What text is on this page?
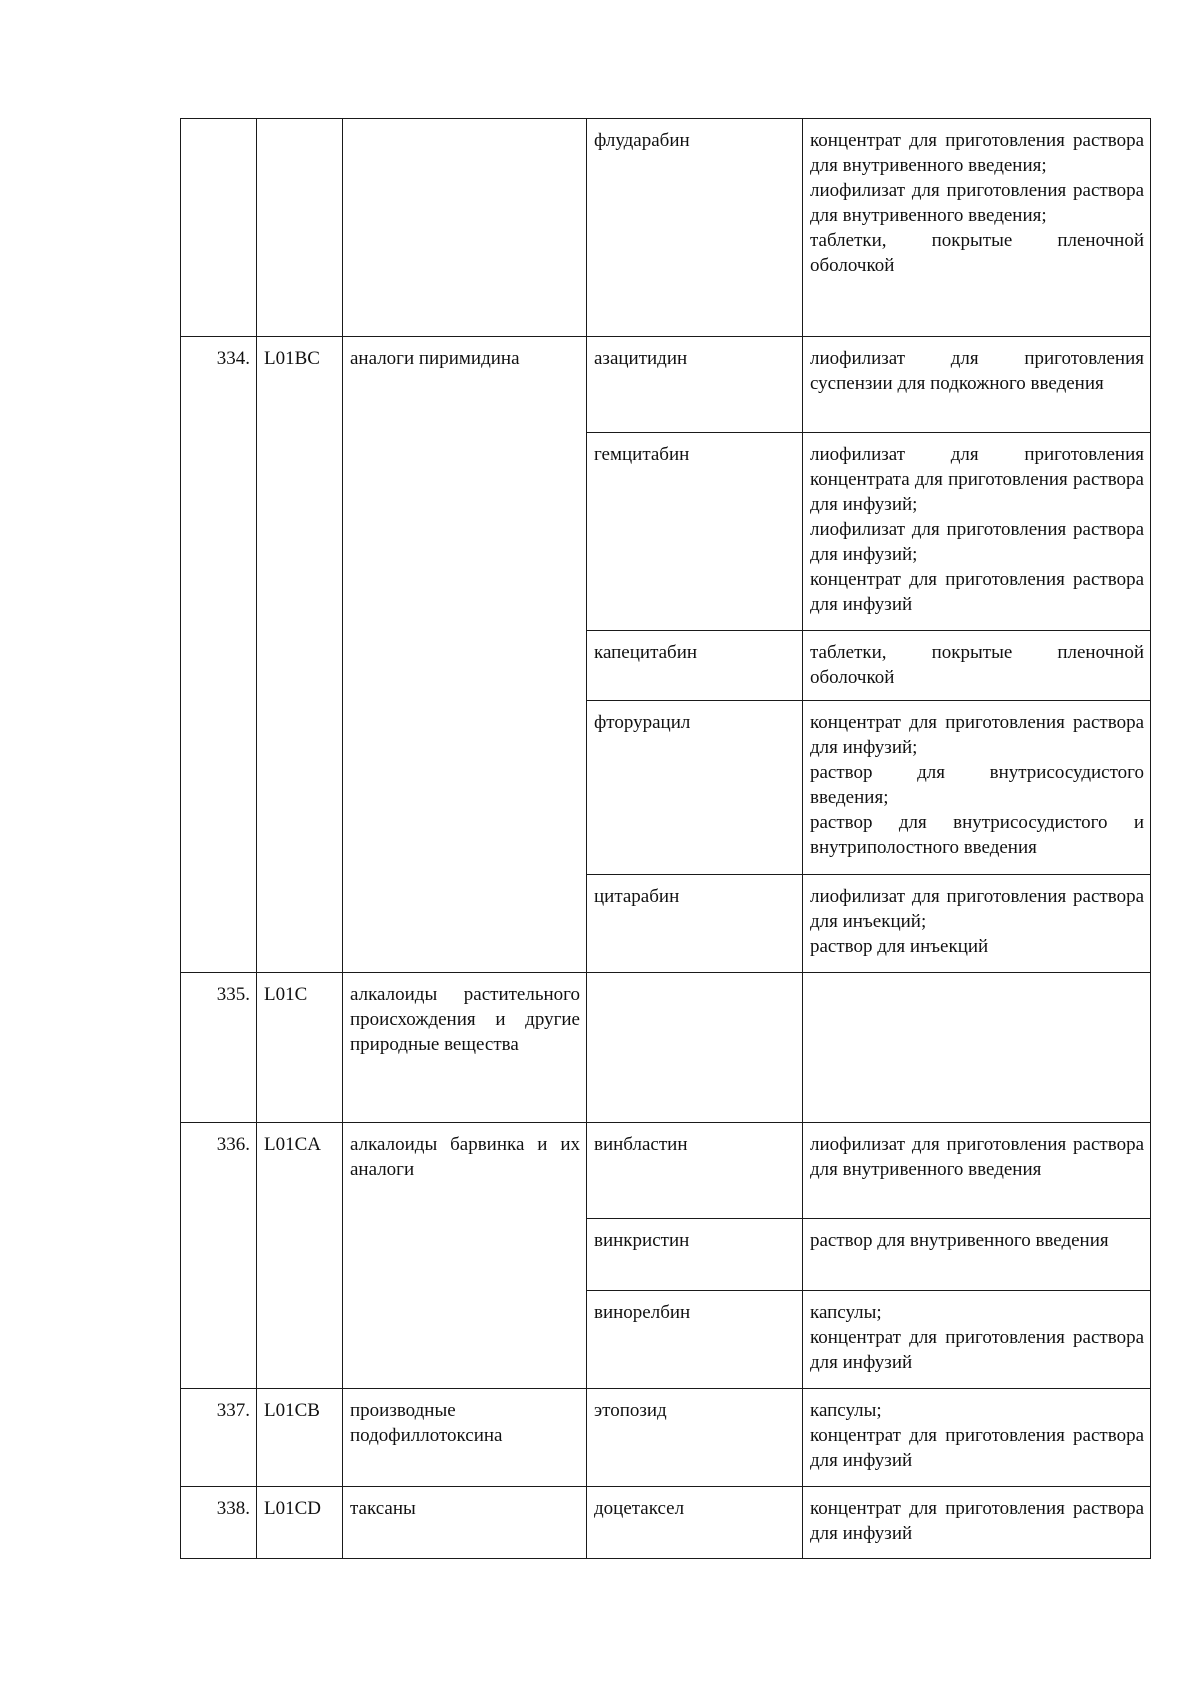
			флударабин	концентрат для приготовления раствора для внутривенного введения;
лиофилизат для приготовления раствора для внутривенного введения;
таблетки, покрытые пленочной оболочкой

334.	L01BC	аналоги пиримидина	азацитидин	лиофилизат для приготовления суспензии для подкожного введения

			гемцитабин	лиофилизат для приготовления концентрата для приготовления раствора для инфузий;
лиофилизат для приготовления раствора для инфузий;
концентрат для приготовления раствора для инфузий

			капецитабин	таблетки, покрытые пленочной оболочкой

			фторурацил	концентрат для приготовления раствора для инфузий;
раствор для внутрисосудистого введения;
раствор для внутрисосудистого и внутриполостного введения

			цитарабин	лиофилизат для приготовления раствора для инъекций;
раствор для инъекций

335.	L01C	алкалоиды растительного происхождения и другие природные вещества		
336.	L01CA	алкалоиды барвинка и их аналоги	винбластин	лиофилизат для приготовления раствора для внутривенного введения

			винкристин	раствор для внутривенного введения

			винорелбин	капсулы;
концентрат для приготовления раствора для инфузий

337.	L01CB	производные подофиллотоксина	этопозид	капсулы;
концентрат для приготовления раствора для инфузий

338.	L01CD	таксаны	доцетаксел	концентрат для приготовления раствора для инфузий
